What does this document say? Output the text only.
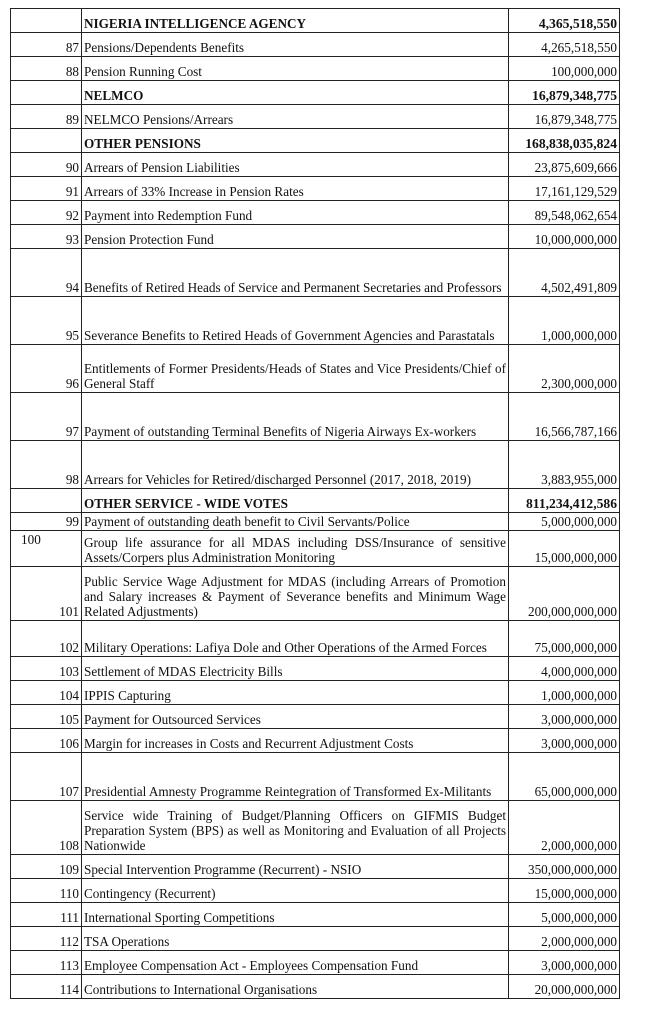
	NIGERIA INTELLIGENCE AGENCY	4,365,518,550
87	Pensions/Dependents Benefits	4,265,518,550
88	Pension Running Cost	100,000,000
	NELMCO	16,879,348,775
89	NELMCO Pensions/Arrears	16,879,348,775
	OTHER PENSIONS	168,838,035,824
90	Arrears of Pension Liabilities	23,875,609,666
91	Arrears of 33% Increase in Pension Rates	17,161,129,529
92	Payment into Redemption Fund	89,548,062,654
93	Pension Protection Fund	10,000,000,000
94	Benefits of Retired Heads of Service and Permanent Secretaries and Professors	4,502,491,809
95	Severance Benefits to Retired Heads of Government Agencies and Parastatals	1,000,000,000
96	Entitlements of Former Presidents/Heads of States and Vice Presidents/Chief of General Staff	2,300,000,000
97	Payment of outstanding Terminal Benefits of Nigeria Airways Ex-workers	16,566,787,166
98	Arrears for Vehicles for Retired/discharged Personnel (2017, 2018, 2019)	3,883,955,000
	OTHER SERVICE - WIDE VOTES	811,234,412,586
99	Payment of outstanding death benefit to Civil Servants/Police	5,000,000,000
100	Group life assurance for all MDAS including DSS/Insurance of sensitive Assets/Corpers plus Administration Monitoring	15,000,000,000
101	Public Service Wage Adjustment for MDAS (including Arrears of Promotion and Salary increases & Payment of Severance benefits and Minimum Wage Related Adjustments)	200,000,000,000
102	Military Operations: Lafiya Dole and Other Operations of the Armed Forces	75,000,000,000
103	Settlement of MDAS Electricity Bills	4,000,000,000
104	IPPIS Capturing	1,000,000,000
105	Payment for Outsourced Services	3,000,000,000
106	Margin for increases in Costs and Recurrent Adjustment Costs	3,000,000,000
107	Presidential Amnesty Programme Reintegration of Transformed Ex-Militants	65,000,000,000
108	Service wide Training of Budget/Planning Officers on GIFMIS Budget Preparation System (BPS) as well as Monitoring and Evaluation of all Projects Nationwide	2,000,000,000
109	Special Intervention Programme (Recurrent) - NSIO	350,000,000,000
110	Contingency (Recurrent)	15,000,000,000
111	International Sporting Competitions	5,000,000,000
112	TSA Operations	2,000,000,000
113	Employee Compensation Act - Employees Compensation Fund	3,000,000,000
114	Contributions to International Organisations	20,000,000,000
